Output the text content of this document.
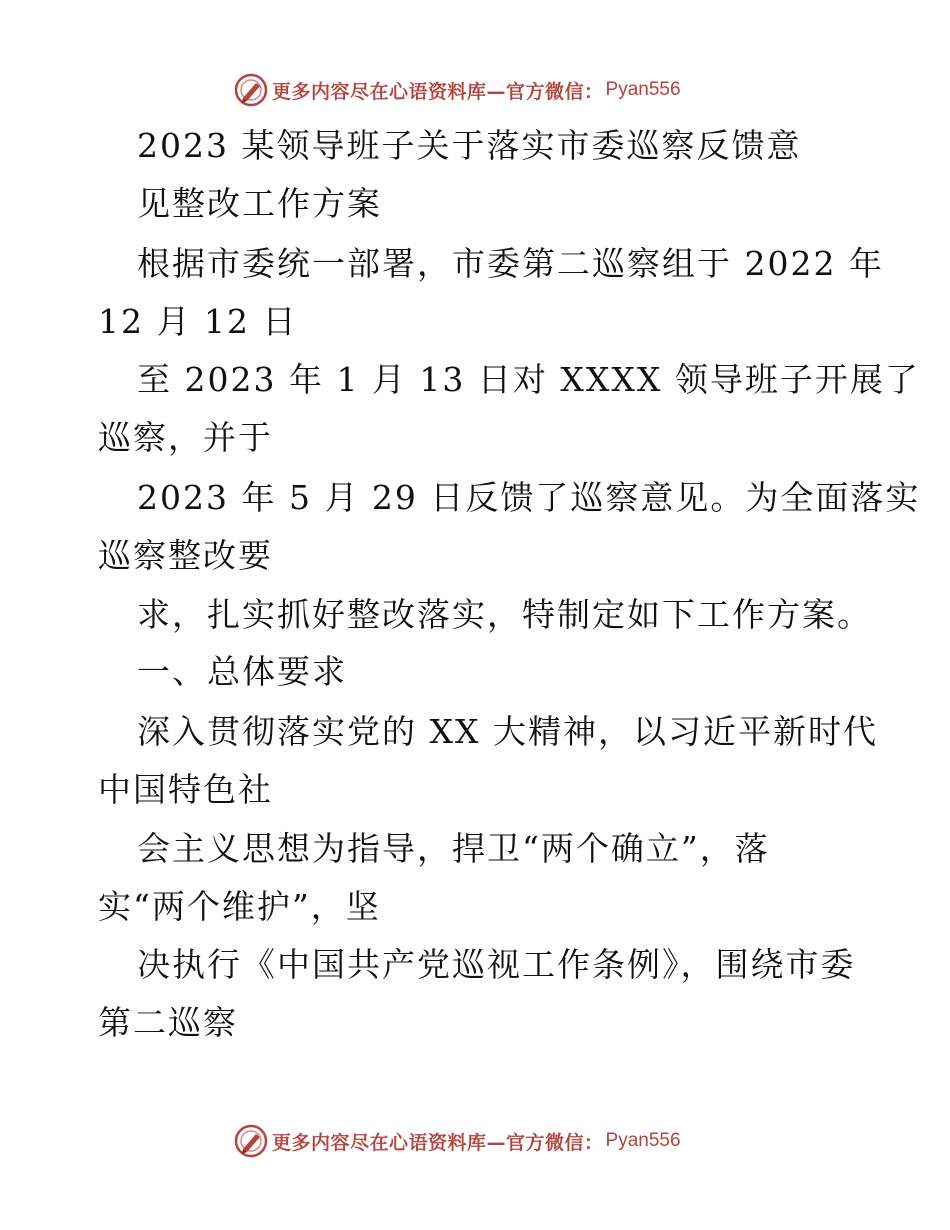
更多内容尽在心语资料库—官方微信： Pyan556
2023 某领导班子关于落实市委巡察反馈意
见整改工作方案
根据市委统一部署，市委第二巡察组于 2022 年
12 月 12 日
至 2023 年 1 月 13 日对 XXXX 领导班子开展了
巡察，并于
2023 年 5 月 29 日反馈了巡察意见。为全面落实
巡察整改要
求，扎实抓好整改落实，特制定如下工作方案。
一、总体要求
深入贯彻落实党的 XX 大精神，以习近平新时代
中国特色社
会主义思想为指导，捍卫“两个确立”，落
实“两个维护”，坚
决执行《中国共产党巡视工作条例》，围绕市委
第二巡察
更多内容尽在心语资料库—官方微信： Pyan556
